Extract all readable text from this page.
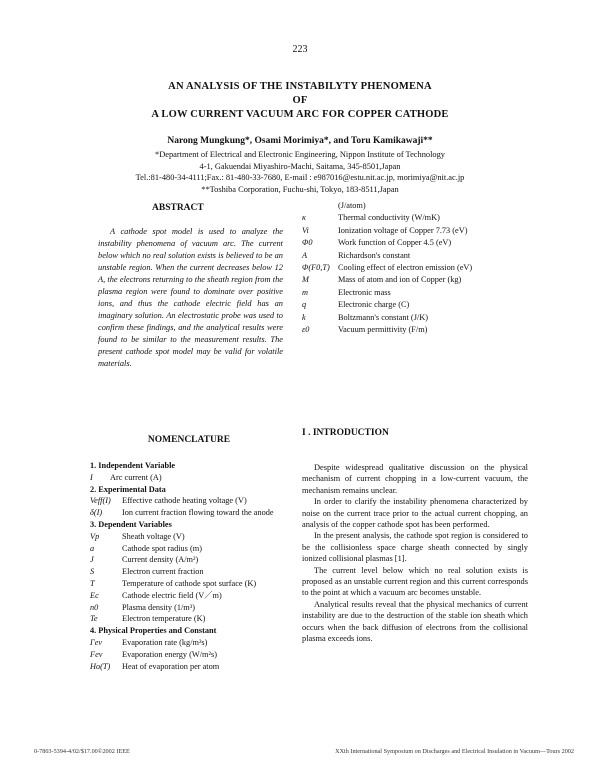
223
AN ANALYSIS OF THE INSTABILYTY PHENOMENA
OF
A LOW CURRENT VACUUM ARC FOR COPPER CATHODE
Narong Mungkung*, Osami Morimiya*, and Toru Kamikawaji**
*Department of Electrical and Electronic Engineering, Nippon Institute of Technology
4-1, Gakuendai Miyashiro-Machi, Saitama, 345-8501,Japan
Tel.:81-480-34-4111;Fax.: 81-480-33-7680, E-mail : e987016@estu.nit.ac.jp, morimiya@nit.ac.jp
**Toshiba Corporation, Fuchu-shi, Tokyo, 183-8511,Japan
ABSTRACT

A cathode spot model is used to analyze the instability phenomena of vacuum arc. The current below which no real solution exists is believed to be an unstable region. When the current decreases below 12 A, the electrons returning to the sheath region from the plasma region were found to dominate over positive ions, and thus the cathode electric field has an imaginary solution. An electrostatic probe was used to confirm these findings, and the analytical results were found to be similar to the measurement results. The present cathode spot model may be valid for volatile materials.

NOMENCLATURE
1. Independent Variable
I	Arc current (A)
2. Experimental Data
Veff(I)	Effective cathode heating voltage (V)
δ(I)	Ion current fraction flowing toward the anode
3. Dependent Variables
Vp	Sheath voltage (V)
a	Cathode spot radius (m)
J	Current density (A/m²)
S	Electron current fraction
T	Temperature of cathode spot surface (K)
Ec	Cathode electric field (V／m)
n0	Plasma density (1/m³)
Te	Electron temperature (K)
4. Physical Properties and Constant
Γev	Evaporation rate (kg/m²s)
Fev	Evaporation energy (W/m²s)
Ho(T)	Heat of evaporation per atom
(J/atom)
κ	Thermal conductivity (W/mK)
Vi	Ionization voltage of Copper 7.73 (eV)
Φ0	Work function of Copper 4.5 (eV)
A	Richardson's constant
Φ(F0,T) Cooling effect of electron emission (eV)
M	Mass of atom and ion of Copper (kg)
m	Electronic mass
q	Electronic charge (C)
k	Boltzmann's constant (J/K)
ε0	Vacuum permittivity (F/m)
I . INTRODUCTION

Despite widespread qualitative discussion on the physical mechanism of current chopping in a low-current vacuum, the mechanism remains unclear.

In order to clarify the instability phenomena characterized by noise on the current trace prior to the actual current chopping, an analysis of the copper cathode spot has been performed.

In the present analysis, the cathode spot region is considered to be the collisionless space charge sheath connected by singly ionized collisional plasmas [1].

The current level below which no real solution exists is proposed as an unstable current region and this current corresponds to the point at which a vacuum arc becomes unstable.

Analytical results reveal that the physical mechanics of current instability are due to the destruction of the stable ion sheath which occurs when the back diffusion of electrons from the collisional plasma exceeds ions.

0-7803-5394-4/02/$17.00©2002 IEEE	XXth International Symposium on Discharges and Electrical Insulation in Vacuum—Tours 2002
